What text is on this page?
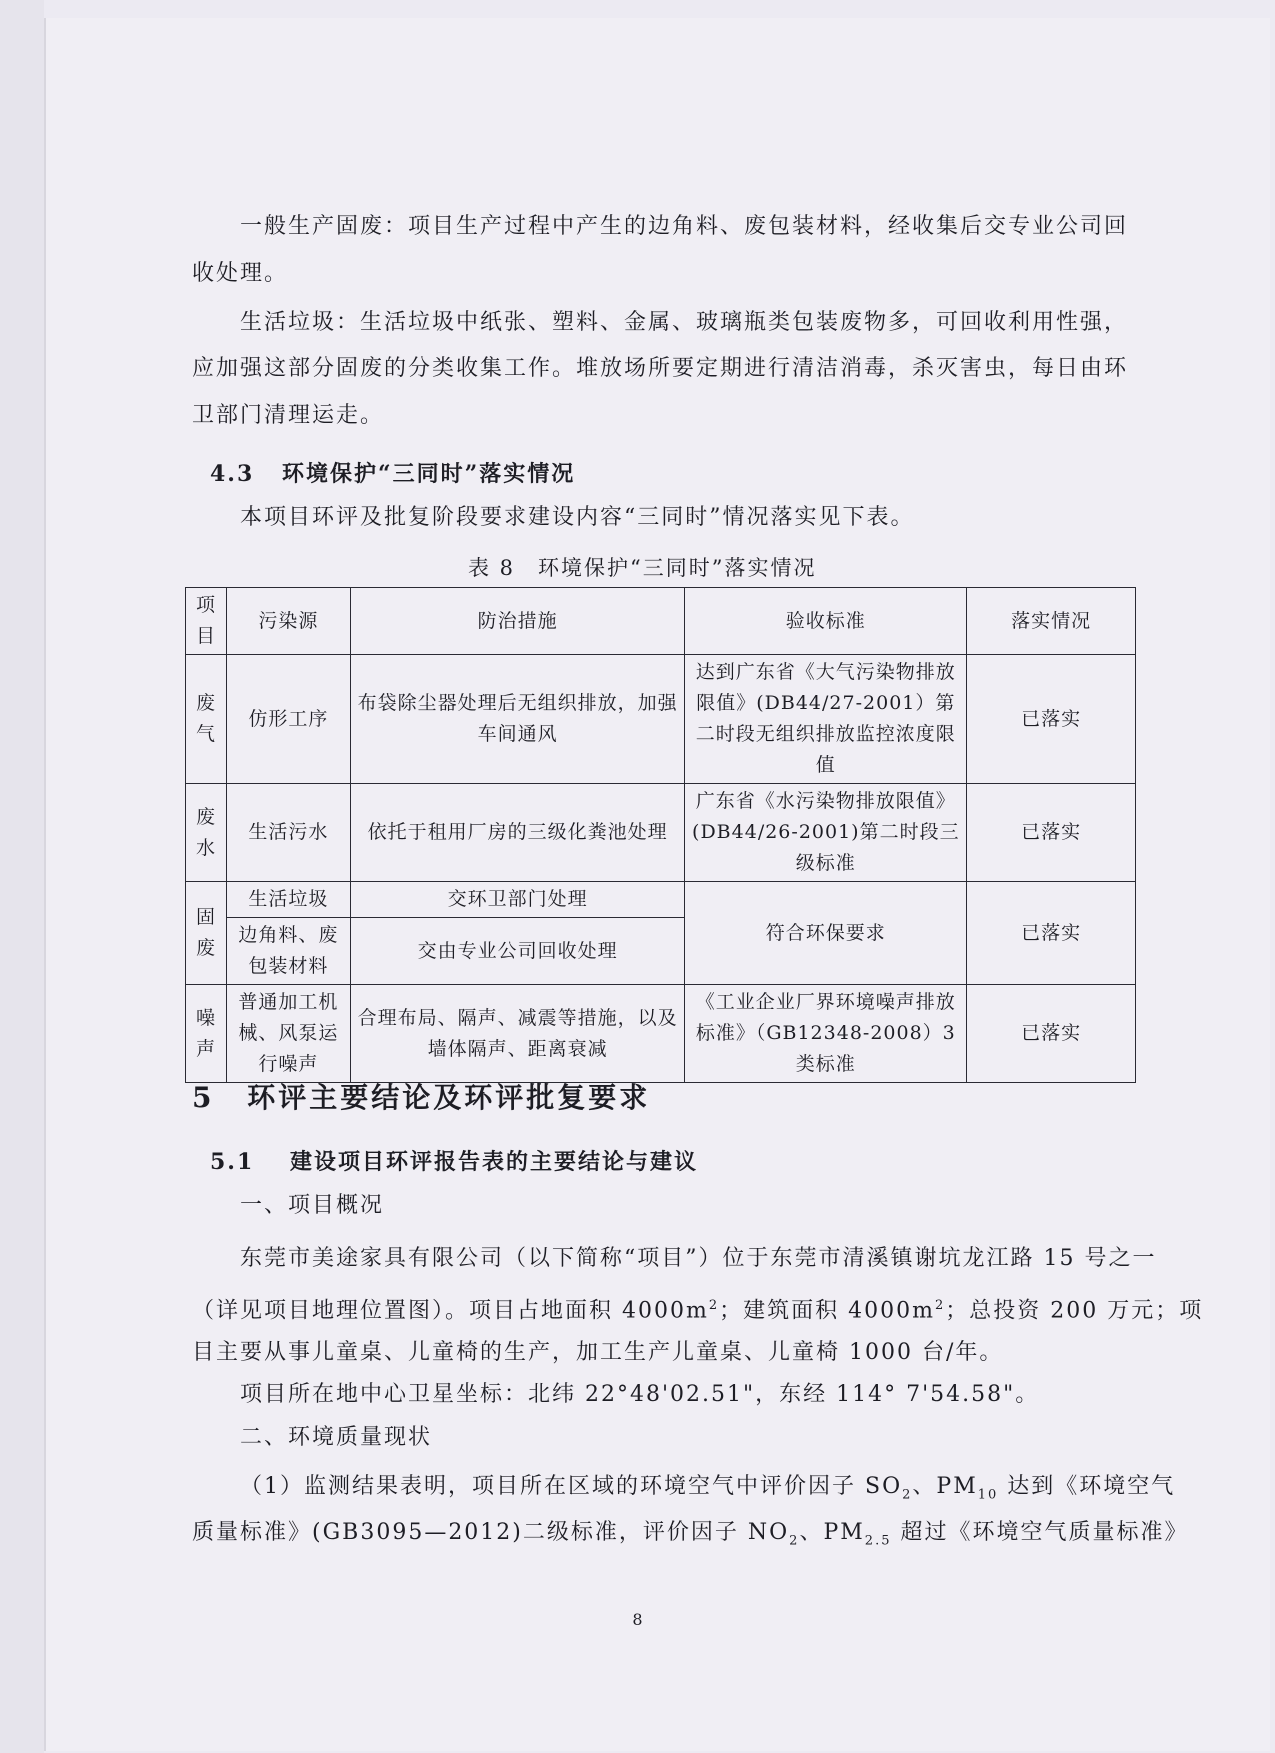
一般生产固废：项目生产过程中产生的边角料、废包装材料，经收集后交专业公司回
收处理。
生活垃圾：生活垃圾中纸张、塑料、金属、玻璃瓶类包装废物多，可回收利用性强，
应加强这部分固废的分类收集工作。堆放场所要定期进行清洁消毒，杀灭害虫，每日由环
卫部门清理运走。
4.3 环境保护“三同时”落实情况
本项目环评及批复阶段要求建设内容“三同时”情况落实见下表。
表 8　环境保护“三同时”落实情况
项目	污染源	防治措施	验收标准	落实情况
废气	仿形工序	布袋除尘器处理后无组织排放，加强车间通风	达到广东省《大气污染物排放限值》(DB44/27-2001）第二时段无组织排放监控浓度限值	已落实
废水	生活污水	依托于租用厂房的三级化粪池处理	广东省《水污染物排放限值》(DB44/26-2001)第二时段三级标准	已落实
固废	生活垃圾	交环卫部门处理	符合环保要求	已落实
	边角料、废包装材料	交由专业公司回收处理		
噪声	普通加工机械、风泵运行噪声	合理布局、隔声、减震等措施，以及墙体隔声、距离衰减	《工业企业厂界环境噪声排放标准》（GB12348-2008）3类标准	已落实
5 环评主要结论及环评批复要求
5.1 建设项目环评报告表的主要结论与建议
一、项目概况
东莞市美途家具有限公司（以下简称“项目”）位于东莞市清溪镇谢坑龙江路 15 号之一
（详见项目地理位置图）。项目占地面积 $4000m^2$；建筑面积 $4000m^2$；总投资 200 万元；项
目主要从事儿童桌、儿童椅的生产，加工生产儿童桌、儿童椅 1000 台/年。
项目所在地中心卫星坐标：北纬 22°48'02.51"，东经 114° 7'54.58"。
二、环境质量现状
（1）监测结果表明，项目所在区域的环境空气中评价因子 $SO_2$、$PM_{10}$ 达到《环境空气
质量标准》(GB3095—2012)二级标准，评价因子 $NO_2$、$PM_{2.5}$ 超过《环境空气质量标准》
8
